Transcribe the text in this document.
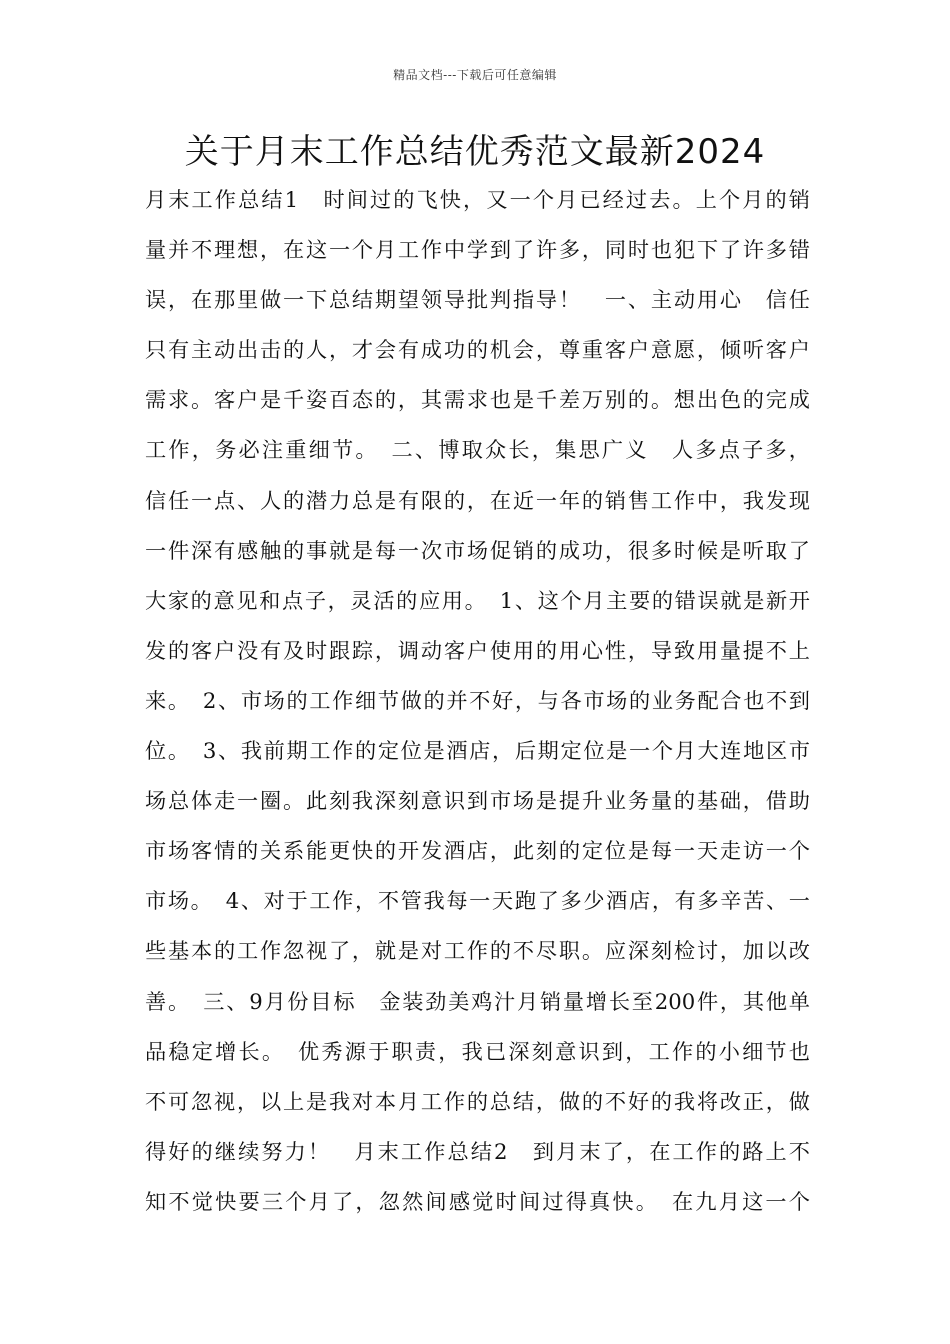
精品文档---下载后可任意编辑
关于月末工作总结优秀范文最新2024
月末工作总结1　时间过的飞快，又一个月已经过去。上个月的销
量并不理想，在这一个月工作中学到了许多，同时也犯下了许多错
误，在那里做一下总结期望领导批判指导！　一、主动用心　信任
只有主动出击的人，才会有成功的机会，尊重客户意愿，倾听客户
需求。客户是千姿百态的，其需求也是千差万别的。想出色的完成
工作，务必注重细节。　二、博取众长，集思广义　人多点子多，
信任一点、人的潜力总是有限的，在近一年的销售工作中，我发现
一件深有感触的事就是每一次市场促销的成功，很多时候是听取了
大家的意见和点子，灵活的应用。　1、这个月主要的错误就是新开
发的客户没有及时跟踪，调动客户使用的用心性，导致用量提不上
来。　2、市场的工作细节做的并不好，与各市场的业务配合也不到
位。　3、我前期工作的定位是酒店，后期定位是一个月大连地区市
场总体走一圈。此刻我深刻意识到市场是提升业务量的基础，借助
市场客情的关系能更快的开发酒店，此刻的定位是每一天走访一个
市场。　4、对于工作，不管我每一天跑了多少酒店，有多辛苦、一
些基本的工作忽视了，就是对工作的不尽职。应深刻检讨，加以改
善。　三、9月份目标　金装劲美鸡汁月销量增长至200件，其他单
品稳定增长。　优秀源于职责，我已深刻意识到，工作的小细节也
不可忽视，以上是我对本月工作的总结，做的不好的我将改正，做
得好的继续努力！　月末工作总结2　到月末了，在工作的路上不
知不觉快要三个月了，忽然间感觉时间过得真快。　在九月这一个
